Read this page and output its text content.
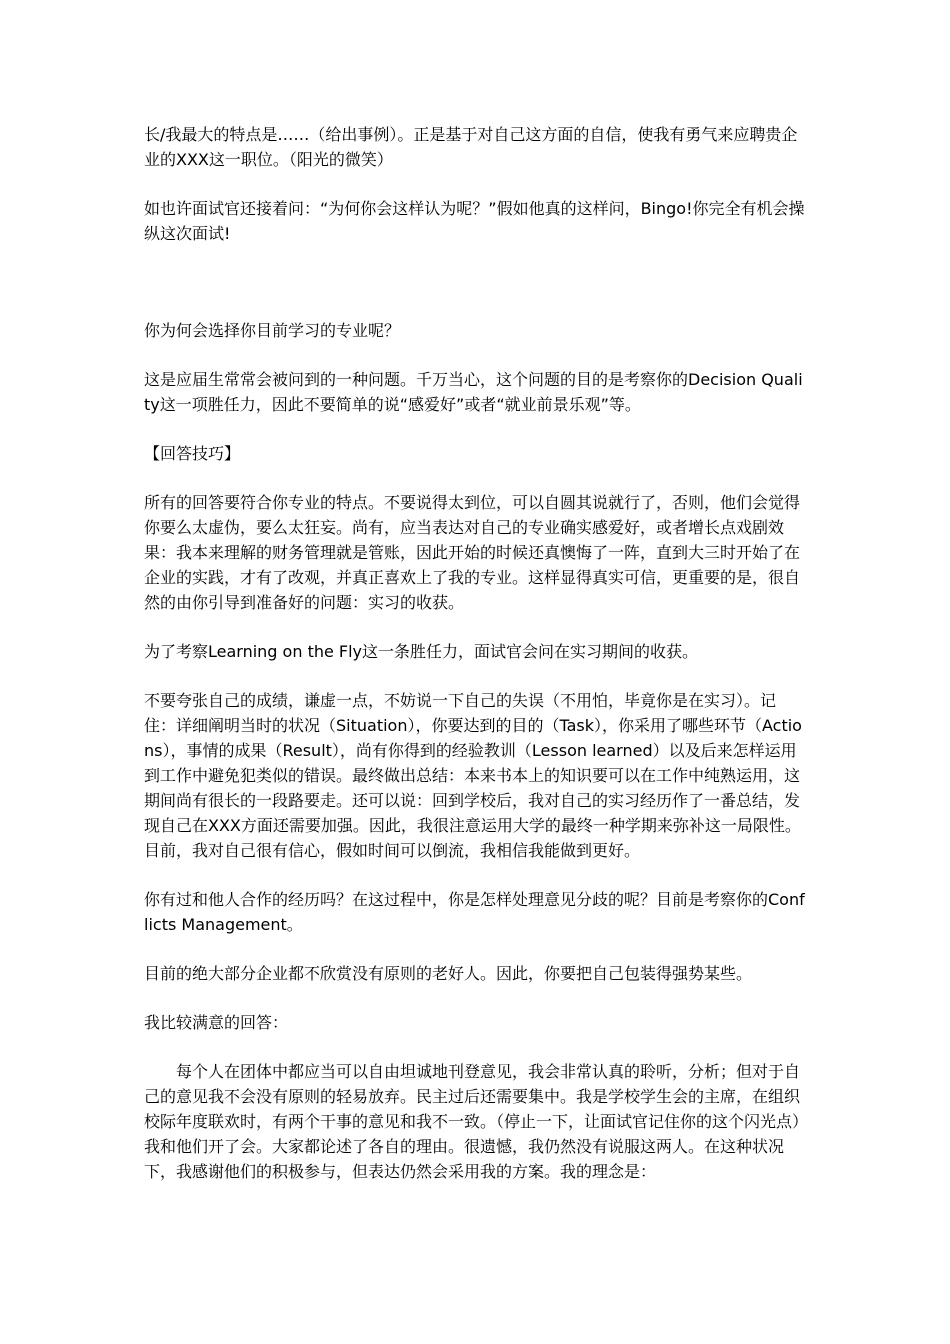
长/我最大的特点是……（给出事例）。正是基于对自己这方面的自信，使我有勇气来应聘贵企业的XXX这一职位。（阳光的微笑）

如也许面试官还接着问：“为何你会这样认为呢？”假如他真的这样问，Bingo!你完全有机会操纵这次面试!

你为何会选择你目前学习的专业呢？

这是应届生常常会被问到的一种问题。千万当心，这个问题的目的是考察你的Decision Quality这一项胜任力，因此不要简单的说“感爱好”或者“就业前景乐观”等。

【回答技巧】

所有的回答要符合你专业的特点。不要说得太到位，可以自圆其说就行了，否则，他们会觉得你要么太虚伪，要么太狂妄。尚有，应当表达对自己的专业确实感爱好，或者增长点戏剧效果：我本来理解的财务管理就是管账，因此开始的时候还真懊悔了一阵，直到大三时开始了在企业的实践，才有了改观，并真正喜欢上了我的专业。这样显得真实可信，更重要的是，很自然的由你引导到准备好的问题：实习的收获。

为了考察Learning on the Fly这一条胜任力，面试官会问在实习期间的收获。

不要夸张自己的成绩，谦虚一点，不妨说一下自己的失误（不用怕，毕竟你是在实习）。记住：详细阐明当时的状况（Situation），你要达到的目的（Task），你采用了哪些环节（Actions），事情的成果（Result），尚有你得到的经验教训（Lesson learned）以及后来怎样运用到工作中避免犯类似的错误。最终做出总结：本来书本上的知识要可以在工作中纯熟运用，这期间尚有很长的一段路要走。还可以说：回到学校后，我对自己的实习经历作了一番总结，发现自己在XXX方面还需要加强。因此，我很注意运用大学的最终一种学期来弥补这一局限性。目前，我对自己很有信心，假如时间可以倒流，我相信我能做到更好。

你有过和他人合作的经历吗？在这过程中，你是怎样处理意见分歧的呢？目前是考察你的Conflicts Management。

目前的绝大部分企业都不欣赏没有原则的老好人。因此，你要把自己包装得强势某些。

我比较满意的回答：

每个人在团体中都应当可以自由坦诚地刊登意见，我会非常认真的聆听，分析；但对于自己的意见我不会没有原则的轻易放弃。民主过后还需要集中。我是学校学生会的主席，在组织校际年度联欢时，有两个干事的意见和我不一致。（停止一下，让面试官记住你的这个闪光点）我和他们开了会。大家都论述了各自的理由。很遗憾，我仍然没有说服这两人。在这种状况下，我感谢他们的积极参与，但表达仍然会采用我的方案。我的理念是：
